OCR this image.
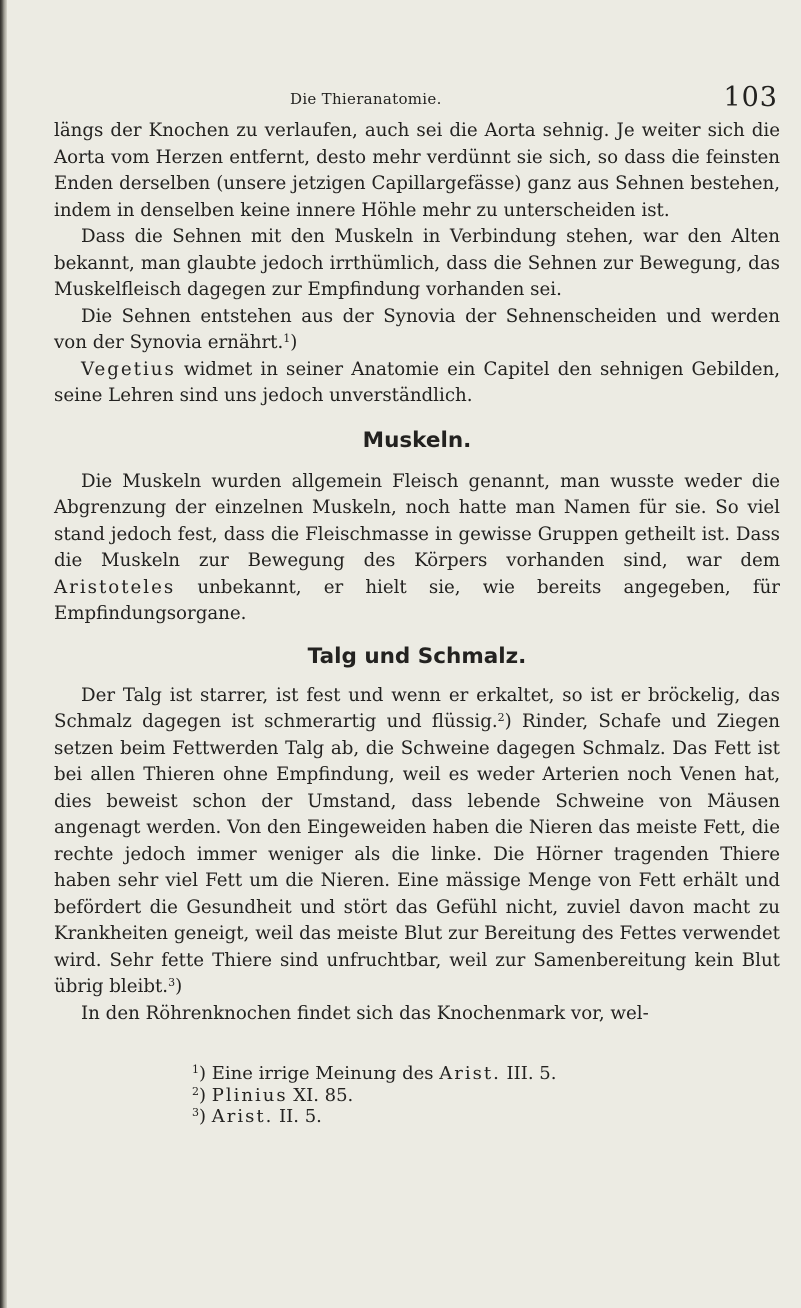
Die Thieranatomie.	103

längs der Knochen zu verlaufen, auch sei die Aorta sehnig. Je weiter sich die Aorta vom Herzen entfernt, desto mehr verdünnt sie sich, so dass die feinsten Enden derselben (unsere jetzigen Capillargefässe) ganz aus Sehnen bestehen, indem in denselben keine innere Höhle mehr zu unterscheiden ist.

Dass die Sehnen mit den Muskeln in Verbindung stehen, war den Alten bekannt, man glaubte jedoch irrthümlich, dass die Sehnen zur Bewegung, das Muskelfleisch dagegen zur Empfindung vorhanden sei.

Die Sehnen entstehen aus der Synovia der Sehnenscheiden und werden von der Synovia ernährt.$^1$)

Vegetius widmet in seiner Anatomie ein Capitel den sehnigen Gebilden, seine Lehren sind uns jedoch unverständlich.

Muskeln.

Die Muskeln wurden allgemein Fleisch genannt, man wusste weder die Abgrenzung der einzelnen Muskeln, noch hatte man Namen für sie. So viel stand jedoch fest, dass die Fleischmasse in gewisse Gruppen getheilt ist. Dass die Muskeln zur Bewegung des Körpers vorhanden sind, war dem Aristoteles unbekannt, er hielt sie, wie bereits angegeben, für Empfindungsorgane.

Talg und Schmalz.

Der Talg ist starrer, ist fest und wenn er erkaltet, so ist er bröckelig, das Schmalz dagegen ist schmerartig und flüssig.$^2$) Rinder, Schafe und Ziegen setzen beim Fettwerden Talg ab, die Schweine dagegen Schmalz. Das Fett ist bei allen Thieren ohne Empfindung, weil es weder Arterien noch Venen hat, dies beweist schon der Umstand, dass lebende Schweine von Mäusen angenagt werden. Von den Eingeweiden haben die Nieren das meiste Fett, die rechte jedoch immer weniger als die linke. Die Hörner tragenden Thiere haben sehr viel Fett um die Nieren. Eine mässige Menge von Fett erhält und befördert die Gesundheit und stört das Gefühl nicht, zuviel davon macht zu Krankheiten geneigt, weil das meiste Blut zur Bereitung des Fettes verwendet wird. Sehr fette Thiere sind unfruchtbar, weil zur Samenbereitung kein Blut übrig bleibt.$^3$)

In den Röhrenknochen findet sich das Knochenmark vor, wel-

$^1$) Eine irrige Meinung des Arist. III. 5.
$^2$) Plinius XI. 85.
$^3$) Arist. II. 5.
